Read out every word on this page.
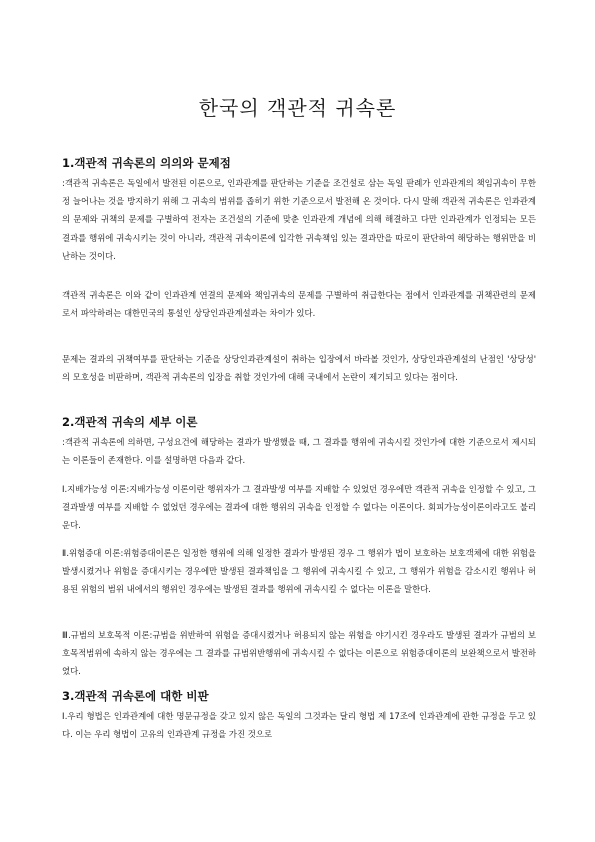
한국의 객관적 귀속론
1.객관적 귀속론의 의의와 문제점
:객관적 귀속론은 독일에서 발전된 이론으로, 인과관계를 판단하는 기준을 조건설로 삼는 독일 판례가 인과관계의 책임귀속이 무한정 늘어나는 것을 방지하기 위해 그 귀속의 범위를 좁히기 위한 기준으로서 발전해 온 것이다. 다시 말해 객관적 귀속론은 인과관계의 문제와 귀책의 문제를 구별하여 전자는 조건설의 기준에 맞춘 인과관계 개념에 의해 해결하고 다만 인과관계가 인정되는 모든 결과를 행위에 귀속시키는 것이 아니라, 객관적 귀속이론에 입각한 귀속책임 있는 결과만을 따로이 판단하여 해당하는 행위만을 비난하는 것이다.
객관적 귀속론은 이와 같이 인과관계 연결의 문제와 책임귀속의 문제를 구별하여 취급한다는 점에서 인과관계를 귀책관련의 문제로서 파악하려는 대한민국의 통설인 상당인과관계설과는 차이가 있다.
문제는 결과의 귀책여부를 판단하는 기준을 상당인과관계설이 취하는 입장에서 바라볼 것인가, 상당인과관계설의 난점인 '상당성' 의 모호성을 비판하며, 객관적 귀속론의 입장을 취할 것인가에 대해 국내에서 논란이 제기되고 있다는 점이다.
2.객관적 귀속의 세부 이론
:객관적 귀속론에 의하면, 구성요건에 해당하는 결과가 발생했을 때, 그 결과를 행위에 귀속시킬 것인가에 대한 기준으로서 제시되는 이론들이 존재한다. 이를 설명하면 다음과 같다.
Ⅰ.지배가능성 이론:지배가능성 이론이란 행위자가 그 결과발생 여부를 지배할 수 있었던 경우에만 객관적 귀속을 인정할 수 있고, 그 결과발생 여부를 지배할 수 없었던 경우에는 결과에 대한 행위의 귀속을 인정할 수 없다는 이론이다. 회피가능성이론이라고도 불리운다.
Ⅱ.위험증대 이론:위험증대이론은 일정한 행위에 의해 일정한 결과가 발생된 경우 그 행위가 법이 보호하는 보호객체에 대한 위험을 발생시켰거나 위험을 증대시키는 경우에만 발생된 결과책임을 그 행위에 귀속시킬 수 있고, 그 행위가 위험을 감소시킨 행위나 허용된 위험의 범위 내에서의 행위인 경우에는 발생된 결과를 행위에 귀속시킬 수 없다는 이론을 말한다.
Ⅲ.규범의 보호목적 이론:규범을 위반하여 위험을 증대시켰거나 허용되지 않는 위험을 야기시킨 경우라도 발생된 결과가 규범의 보호목적범위에 속하지 않는 경우에는 그 결과를 규범위반행위에 귀속시킬 수 없다는 이론으로 위험증대이론의 보완책으로서 발전하였다.
3.객관적 귀속론에 대한 비판
Ⅰ.우리 형법은 인과관계에 대한 명문규정을 갖고 있지 않은 독일의 그것과는 달리 형법 제 17조에 인과관계에 관한 규정을 두고 있다. 이는 우리 형법이 고유의 인과관계 규정을 가진 것으로
